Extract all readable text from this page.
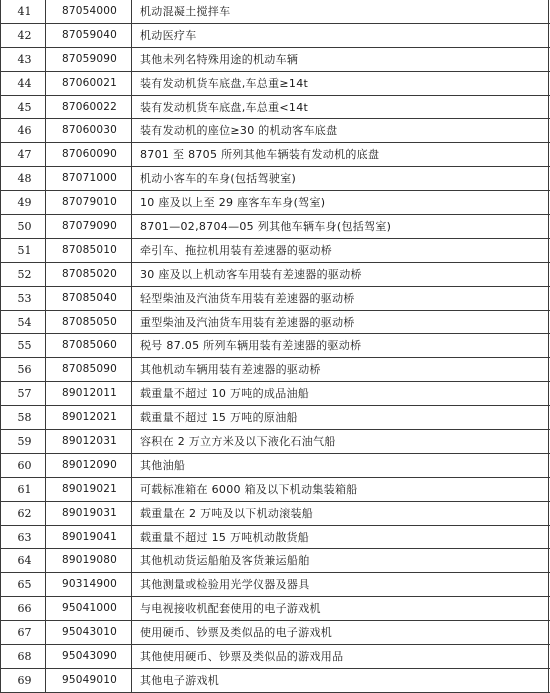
41	87054000	机动混凝土搅拌车
42	87059040	机动医疗车
43	87059090	其他未列名特殊用途的机动车辆
44	87060021	装有发动机货车底盘,车总重≥14t
45	87060022	装有发动机货车底盘,车总重<14t
46	87060030	装有发动机的座位≥30 的机动客车底盘
47	87060090	8701 至 8705 所列其他车辆装有发动机的底盘
48	87071000	机动小客车的车身(包括驾驶室)
49	87079010	10 座及以上至 29 座客车车身(驾室)
50	87079090	8701—02,8704—05 列其他车辆车身(包括驾室)
51	87085010	牵引车、拖拉机用装有差速器的驱动桥
52	87085020	30 座及以上机动客车用装有差速器的驱动桥
53	87085040	轻型柴油及汽油货车用装有差速器的驱动桥
54	87085050	重型柴油及汽油货车用装有差速器的驱动桥
55	87085060	税号 87.05 所列车辆用装有差速器的驱动桥
56	87085090	其他机动车辆用装有差速器的驱动桥
57	89012011	载重量不超过 10 万吨的成品油船
58	89012021	载重量不超过 15 万吨的原油船
59	89012031	容积在 2 万立方米及以下液化石油气船
60	89012090	其他油船
61	89019021	可载标准箱在 6000 箱及以下机动集装箱船
62	89019031	载重量在 2 万吨及以下机动滚装船
63	89019041	载重量不超过 15 万吨机动散货船
64	89019080	其他机动货运船舶及客货兼运船舶
65	90314900	其他测量或检验用光学仪器及器具
66	95041000	与电视接收机配套使用的电子游戏机
67	95043010	使用硬币、钞票及类似品的电子游戏机
68	95043090	其他使用硬币、钞票及类似品的游戏用品
69	95049010	其他电子游戏机
